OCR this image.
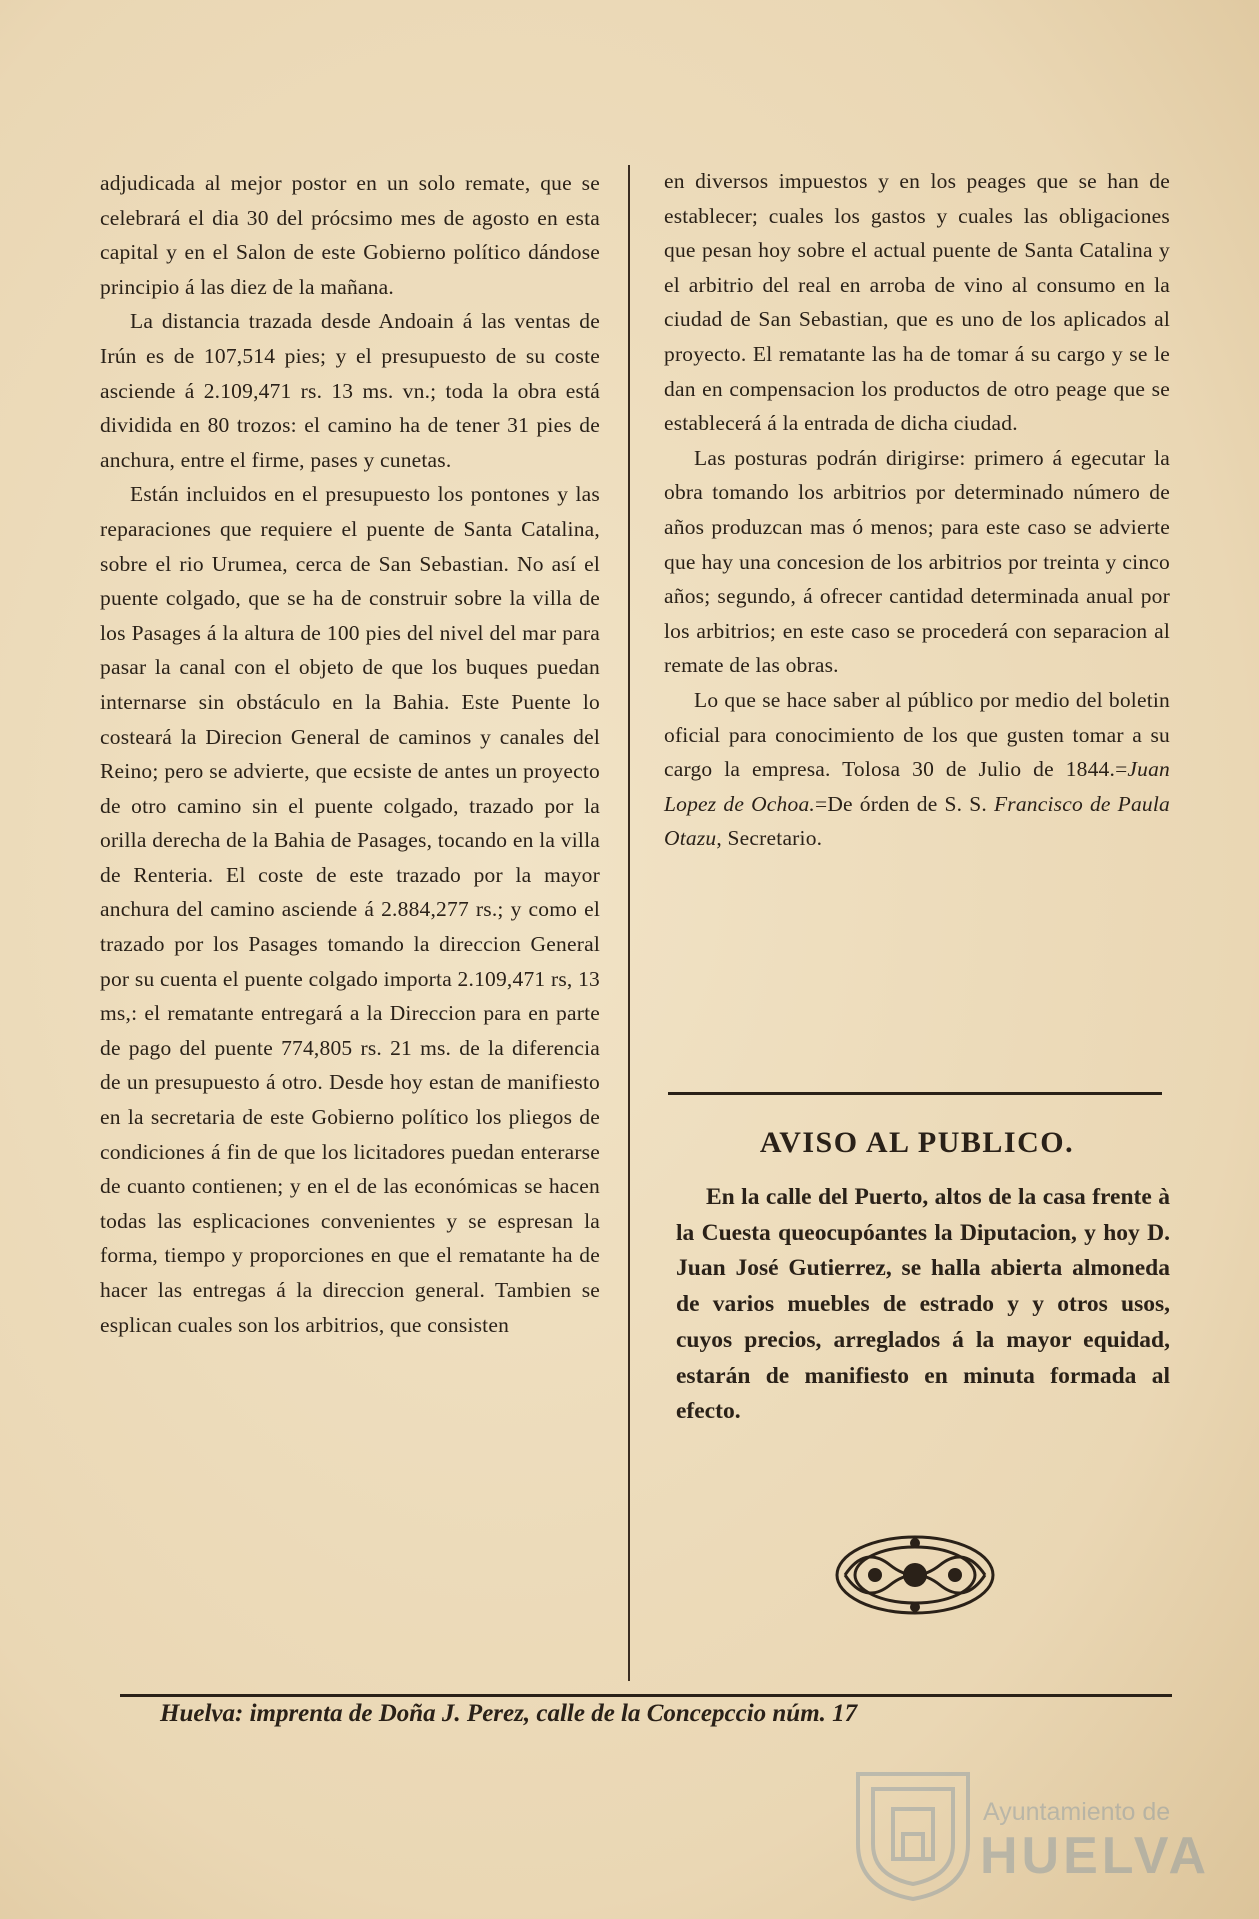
adjudicada al mejor postor en un solo remate, que se celebrará el dia 30 del prócsimo mes de agosto en esta capital y en el Salon de este Gobierno político dándose principio á las diez de la mañana.

La distancia trazada desde Andoain á las ventas de Irún es de 107,514 pies; y el presupuesto de su coste asciende á 2.109,471 rs. 13 ms. vn.; toda la obra está dividida en 80 trozos: el camino ha de tener 31 pies de anchura, entre el firme, pases y cunetas.

Están incluidos en el presupuesto los pontones y las reparaciones que requiere el puente de Santa Catalina, sobre el rio Urumea, cerca de San Sebastian. No así el puente colgado, que se ha de construir sobre la villa de los Pasages á la altura de 100 pies del nivel del mar para pasar la canal con el objeto de que los buques puedan internarse sin obstáculo en la Bahia. Este Puente lo costeará la Direcion General de caminos y canales del Reino; pero se advierte, que ecsiste de antes un proyecto de otro camino sin el puente colgado, trazado por la orilla derecha de la Bahia de Pasages, tocando en la villa de Renteria. El coste de este trazado por la mayor anchura del camino asciende á 2.884,277 rs.; y como el trazado por los Pasages tomando la direccion General por su cuenta el puente colgado importa 2.109,471 rs, 13 ms,: el rematante entregará a la Direccion para en parte de pago del puente 774,805 rs. 21 ms. de la diferencia de un presupuesto á otro. Desde hoy estan de manifiesto en la secretaria de este Gobierno político los pliegos de condiciones á fin de que los licitadores puedan enterarse de cuanto contienen; y en el de las económicas se hacen todas las esplicaciones convenientes y se espresan la forma, tiempo y proporciones en que el rematante ha de hacer las entregas á la direccion general. Tambien se esplican cuales son los arbitrios, que consisten

en diversos impuestos y en los peages que se han de establecer; cuales los gastos y cuales las obligaciones que pesan hoy sobre el actual puente de Santa Catalina y el arbitrio del real en arroba de vino al consumo en la ciudad de San Sebastian, que es uno de los aplicados al proyecto. El rematante las ha de tomar á su cargo y se le dan en compensacion los productos de otro peage que se establecerá á la entrada de dicha ciudad.

Las posturas podrán dirigirse: primero á egecutar la obra tomando los arbitrios por determinado número de años produzcan mas ó menos; para este caso se advierte que hay una concesion de los arbitrios por treinta y cinco años; segundo, á ofrecer cantidad determinada anual por los arbitrios; en este caso se procederá con separacion al remate de las obras.

Lo que se hace saber al público por medio del boletin oficial para conocimiento de los que gusten tomar a su cargo la empresa. Tolosa 30 de Julio de 1844.=Juan Lopez de Ochoa.=De órden de S. S. Francisco de Paula Otazu, Secretario.

AVISO AL PUBLICO.

En la calle del Puerto, altos de la casa frente à la Cuesta queocupóantes la Diputacion, y hoy D. Juan José Gutierrez, se halla abierta almoneda de varios muebles de estrado y y otros usos, cuyos precios, arreglados á la mayor equidad, estarán de manifiesto en minuta formada al efecto.

Huelva: imprenta de Doña J. Perez, calle de la Concepccio núm. 17
Ayuntamiento de
HUELVA
